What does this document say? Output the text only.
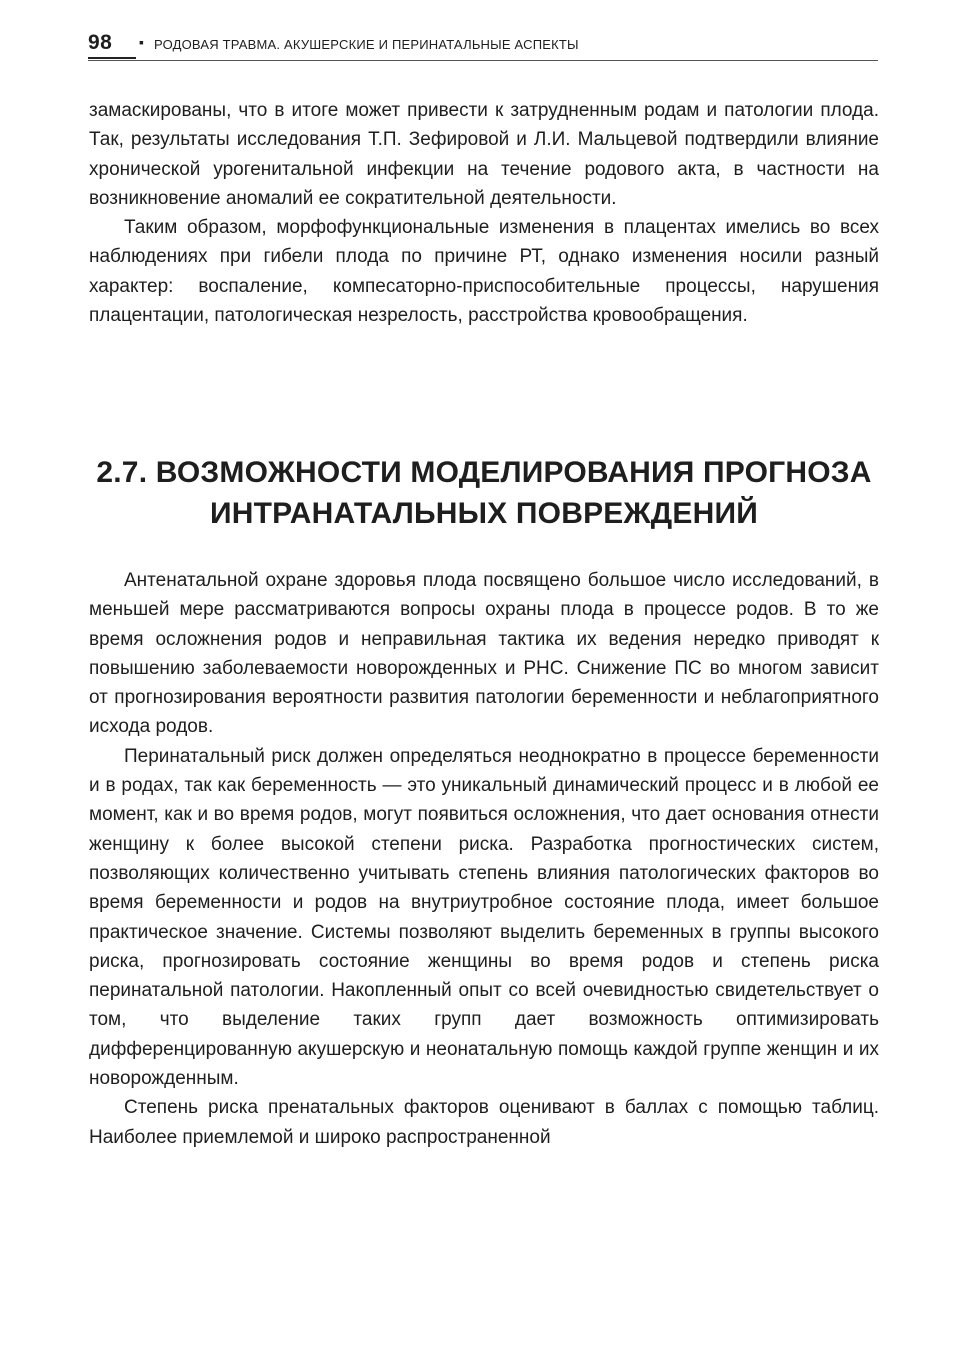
98 ▪ РОДОВАЯ ТРАВМА. АКУШЕРСКИЕ И ПЕРИНАТАЛЬНЫЕ АСПЕКТЫ

замаскированы, что в итоге может привести к затрудненным родам и патологии плода. Так, результаты исследования Т.П. Зефировой и Л.И. Мальцевой подтвердили влияние хронической урогенитальной инфекции на течение родового акта, в частности на возникновение аномалий ее сократительной деятельности.

Таким образом, морфофункциональные изменения в плацентах имелись во всех наблюдениях при гибели плода по причине РТ, однако изменения носили разный характер: воспаление, компесаторно-приспособительные процессы, нарушения плацентации, патологическая незрелость, расстройства кровообращения.

2.7. ВОЗМОЖНОСТИ МОДЕЛИРОВАНИЯ ПРОГНОЗА
ИНТРАНАТАЛЬНЫХ ПОВРЕЖДЕНИЙ

Антенатальной охране здоровья плода посвящено большое число исследований, в меньшей мере рассматриваются вопросы охраны плода в процессе родов. В то же время осложнения родов и неправильная тактика их ведения нередко приводят к повышению заболеваемости новорожденных и РНС. Снижение ПС во многом зависит от прогнозирования вероятности развития патологии беременности и неблагоприятного исхода родов.

Перинатальный риск должен определяться неоднократно в процессе беременности и в родах, так как беременность — это уникальный динамический процесс и в любой ее момент, как и во время родов, могут появиться осложнения, что дает основания отнести женщину к более высокой степени риска. Разработка прогностических систем, позволяющих количественно учитывать степень влияния патологических факторов во время беременности и родов на внутриутробное состояние плода, имеет большое практическое значение. Системы позволяют выделить беременных в группы высокого риска, прогнозировать состояние женщины во время родов и степень риска перинатальной патологии. Накопленный опыт со всей очевидностью свидетельствует о том, что выделение таких групп дает возможность оптимизировать дифференцированную акушерскую и неонатальную помощь каждой группе женщин и их новорожденным.

Степень риска пренатальных факторов оценивают в баллах с помощью таблиц. Наиболее приемлемой и широко распространенной
